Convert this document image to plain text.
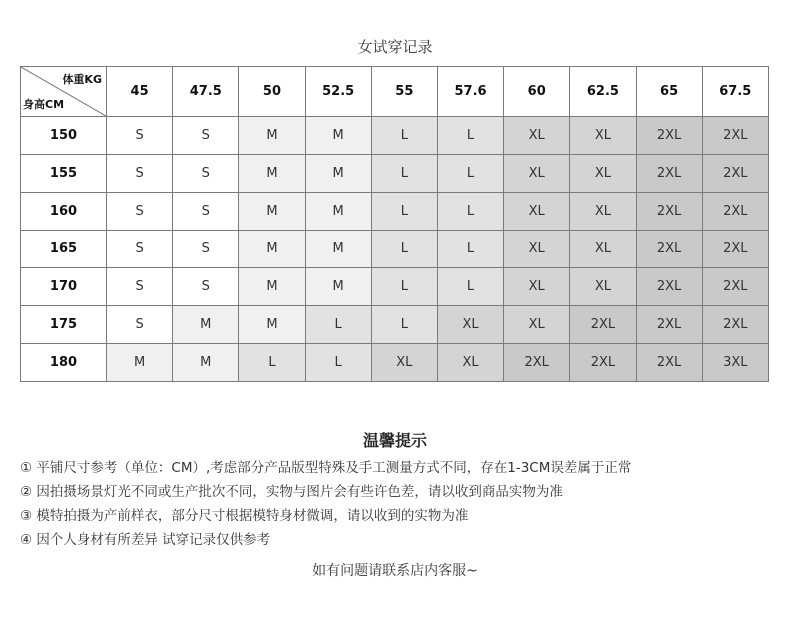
女试穿记录
体重KG
身高CM	45	47.5	50	52.5	55	57.6	60	62.5	65	67.5
150	S	S	M	M	L	L	XL	XL	2XL	2XL
155	S	S	M	M	L	L	XL	XL	2XL	2XL
160	S	S	M	M	L	L	XL	XL	2XL	2XL
165	S	S	M	M	L	L	XL	XL	2XL	2XL
170	S	S	M	M	L	L	XL	XL	2XL	2XL
175	S	M	M	L	L	XL	XL	2XL	2XL	2XL
180	M	M	L	L	XL	XL	2XL	2XL	2XL	3XL
温馨提示
① 平铺尺寸参考（单位：CM）,考虑部分产品版型特殊及手工测量方式不同，存在1-3CM误差属于正常
② 因拍摄场景灯光不同或生产批次不同，实物与图片会有些许色差，请以收到商品实物为准
③ 模特拍摄为产前样衣，部分尺寸根据模特身材微调，请以收到的实物为准
④ 因个人身材有所差异 试穿记录仅供参考
如有问题请联系店内客服~
